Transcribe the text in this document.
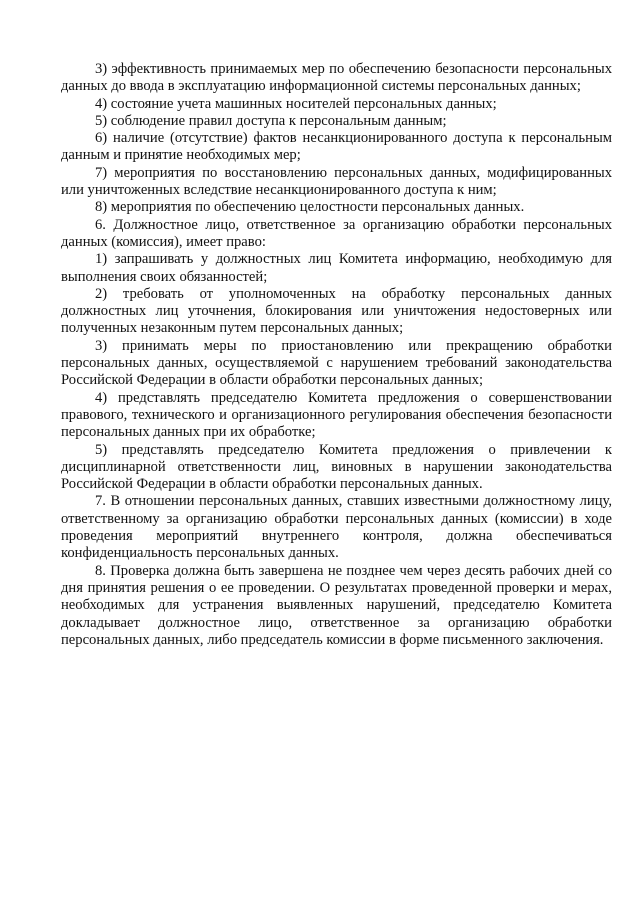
3) эффективность принимаемых мер по обеспечению безопасности персональных данных до ввода в эксплуатацию информационной системы персональных данных;

4) состояние учета машинных носителей персональных данных;

5) соблюдение правил доступа к персональным данным;

6) наличие (отсутствие) фактов несанкционированного доступа к персональным данным и принятие необходимых мер;

7) мероприятия по восстановлению персональных данных, модифицированных или уничтоженных вследствие несанкционированного доступа к ним;

8) мероприятия по обеспечению целостности персональных данных.

6. Должностное лицо, ответственное за организацию обработки персональных данных (комиссия), имеет право:

1) запрашивать у должностных лиц Комитета информацию, необходимую для выполнения своих обязанностей;

2) требовать от уполномоченных на обработку персональных данных должностных лиц уточнения, блокирования или уничтожения недостоверных или полученных незаконным путем персональных данных;

3) принимать меры по приостановлению или прекращению обработки персональных данных, осуществляемой с нарушением требований законодательства Российской Федерации в области обработки персональных данных;

4) представлять председателю Комитета предложения о совершенствовании правового, технического и организационного регулирования обеспечения безопасности персональных данных при их обработке;

5) представлять председателю Комитета предложения о привлечении к дисциплинарной ответственности лиц, виновных в нарушении законодательства Российской Федерации в области обработки персональных данных.

7. В отношении персональных данных, ставших известными должностному лицу, ответственному за организацию обработки персональных данных (комиссии) в ходе проведения мероприятий внутреннего контроля, должна обеспечиваться конфиденциальность персональных данных.

8. Проверка должна быть завершена не позднее чем через десять рабочих дней со дня принятия решения о ее проведении. О результатах проведенной проверки и мерах, необходимых для устранения выявленных нарушений, председателю Комитета докладывает должностное лицо, ответственное за организацию обработки персональных данных, либо председатель комиссии в форме письменного заключения.
